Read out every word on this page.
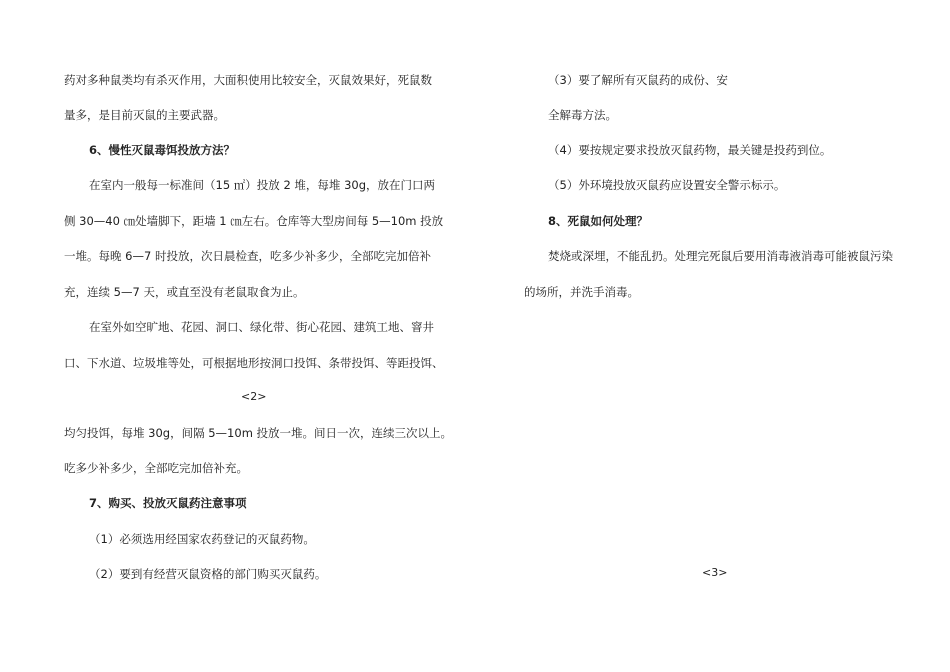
药对多种鼠类均有杀灭作用，大面积使用比较安全，灭鼠效果好，死鼠数
量多，是目前灭鼠的主要武器。
6、慢性灭鼠毒饵投放方法？
在室内一般每一标准间（15 ㎡）投放 2 堆，每堆 30g，放在门口两
侧 30—40 ㎝处墙脚下，距墙 1 ㎝左右。仓库等大型房间每 5—10m 投放
一堆。每晚 6—7 时投放，次日晨检查，吃多少补多少，全部吃完加倍补
充，连续 5—7 天，或直至没有老鼠取食为止。
在室外如空旷地、花园、洞口、绿化带、街心花园、建筑工地、窨井
口、下水道、垃圾堆等处，可根据地形按洞口投饵、条带投饵、等距投饵、
<2>
均匀投饵，每堆 30g，间隔 5—10m 投放一堆。间日一次，连续三次以上。
吃多少补多少，全部吃完加倍补充。
7、购买、投放灭鼠药注意事项
（1）必须选用经国家农药登记的灭鼠药物。
（2）要到有经营灭鼠资格的部门购买灭鼠药。
（3）要了解所有灭鼠药的成份、安
全解毒方法。
（4）要按规定要求投放灭鼠药物，最关键是投药到位。
（5）外环境投放灭鼠药应设置安全警示标示。
8、死鼠如何处理？
焚烧或深埋，不能乱扔。处理完死鼠后要用消毒液消毒可能被鼠污染
的场所，并洗手消毒。
<3>
